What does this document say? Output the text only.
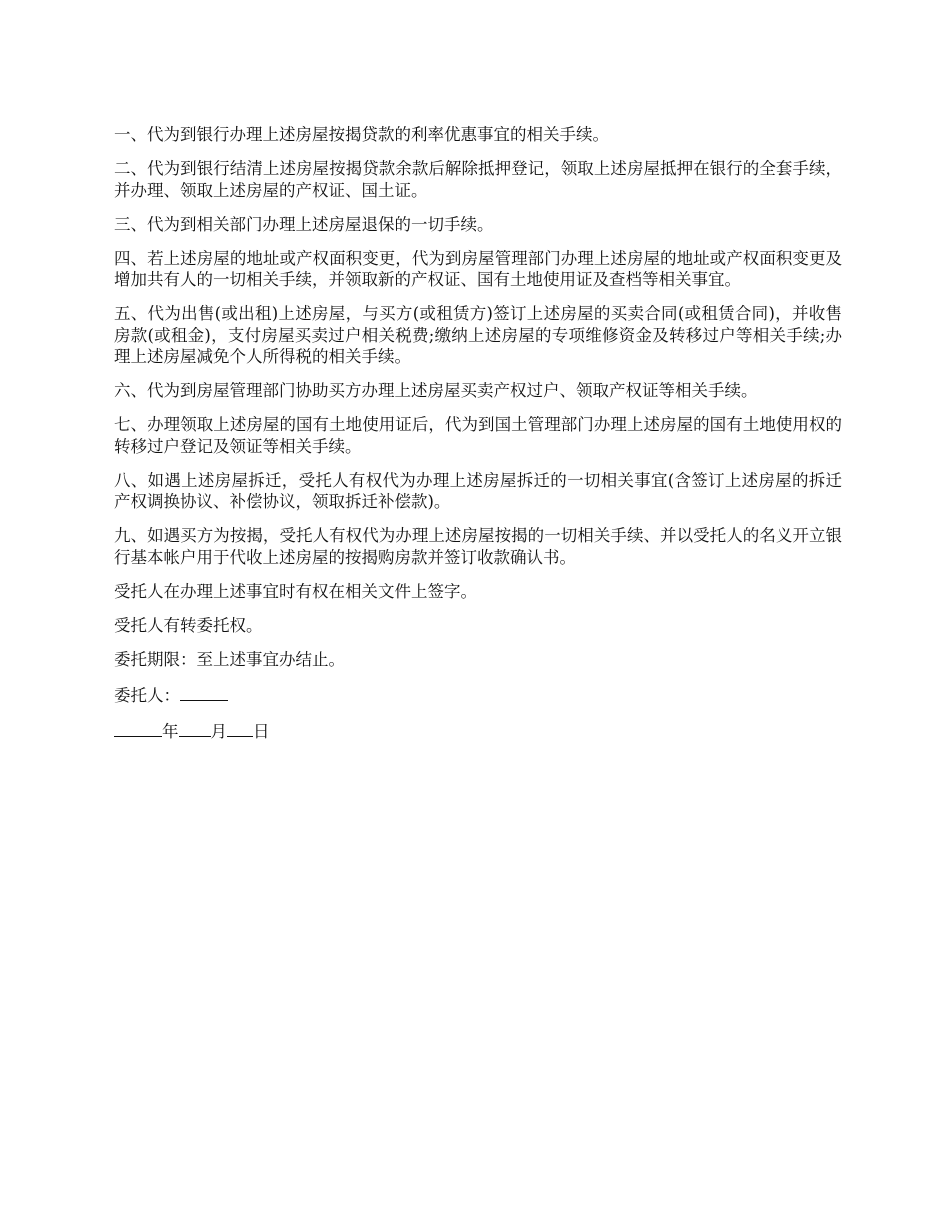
一、代为到银行办理上述房屋按揭贷款的利率优惠事宜的相关手续。

二、代为到银行结清上述房屋按揭贷款余款后解除抵押登记，领取上述房屋抵押在银行的全套手续，并办理、领取上述房屋的产权证、国土证。

三、代为到相关部门办理上述房屋退保的一切手续。

四、若上述房屋的地址或产权面积变更，代为到房屋管理部门办理上述房屋的地址或产权面积变更及增加共有人的一切相关手续，并领取新的产权证、国有土地使用证及查档等相关事宜。

五、代为出售(或出租)上述房屋，与买方(或租赁方)签订上述房屋的买卖合同(或租赁合同)，并收售房款(或租金)，支付房屋买卖过户相关税费;缴纳上述房屋的专项维修资金及转移过户等相关手续;办理上述房屋减免个人所得税的相关手续。

六、代为到房屋管理部门协助买方办理上述房屋买卖产权过户、领取产权证等相关手续。

七、办理领取上述房屋的国有土地使用证后，代为到国土管理部门办理上述房屋的国有土地使用权的转移过户登记及领证等相关手续。

八、如遇上述房屋拆迁，受托人有权代为办理上述房屋拆迁的一切相关事宜(含签订上述房屋的拆迁产权调换协议、补偿协议，领取拆迁补偿款)。

九、如遇买方为按揭，受托人有权代为办理上述房屋按揭的一切相关手续、并以受托人的名义开立银行基本帐户用于代收上述房屋的按揭购房款并签订收款确认书。

受托人在办理上述事宜时有权在相关文件上签字。

受托人有转委托权。

委托期限：至上述事宜办结止。

委托人：

年 月 日
